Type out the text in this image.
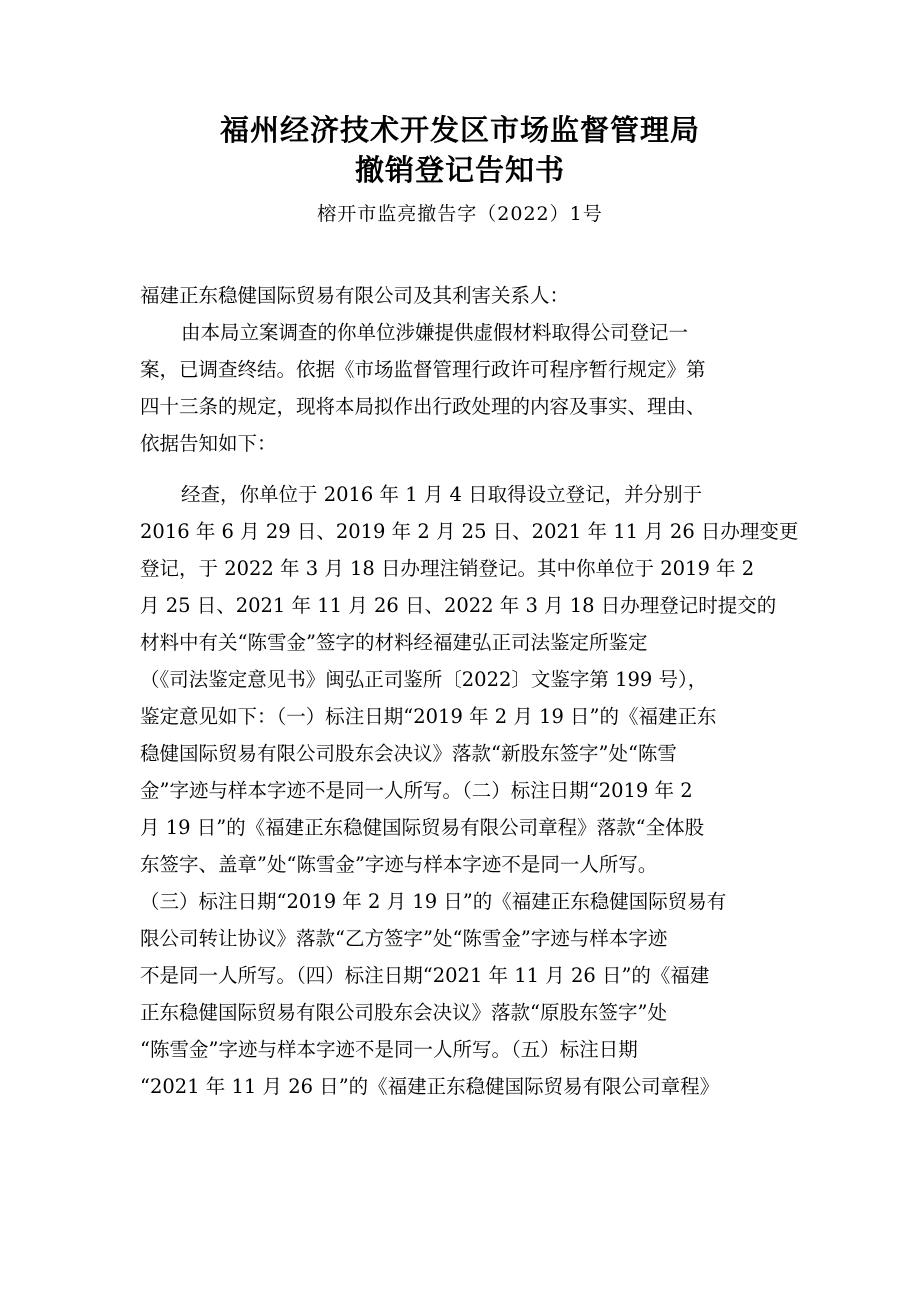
福州经济技术开发区市场监督管理局
撤销登记告知书
榕开市监亮撤告字（2022）1号
福建正东稳健国际贸易有限公司及其利害关系人：
由本局立案调查的你单位涉嫌提供虚假材料取得公司登记一
案，已调查终结。依据《市场监督管理行政许可程序暂行规定》第
四十三条的规定，现将本局拟作出行政处理的内容及事实、理由、
依据告知如下：
经查，你单位于 2016 年 1 月 4 日取得设立登记，并分别于
2016 年 6 月 29 日、2019 年 2 月 25 日、2021 年 11 月 26 日办理变更
登记，于 2022 年 3 月 18 日办理注销登记。其中你单位于 2019 年 2
月 25 日、2021 年 11 月 26 日、2022 年 3 月 18 日办理登记时提交的
材料中有关“陈雪金”签字的材料经福建弘正司法鉴定所鉴定
（《司法鉴定意见书》闽弘正司鉴所〔2022〕文鉴字第 199 号），
鉴定意见如下：（一）标注日期“2019 年 2 月 19 日”的《福建正东
稳健国际贸易有限公司股东会决议》落款“新股东签字”处“陈雪
金”字迹与样本字迹不是同一人所写。（二）标注日期“2019 年 2
月 19 日”的《福建正东稳健国际贸易有限公司章程》落款“全体股
东签字、盖章”处“陈雪金”字迹与样本字迹不是同一人所写。
（三）标注日期“2019 年 2 月 19 日”的《福建正东稳健国际贸易有
限公司转让协议》落款“乙方签字”处“陈雪金”字迹与样本字迹
不是同一人所写。（四）标注日期“2021 年 11 月 26 日”的《福建
正东稳健国际贸易有限公司股东会决议》落款“原股东签字”处
“陈雪金”字迹与样本字迹不是同一人所写。（五）标注日期
“2021 年 11 月 26 日”的《福建正东稳健国际贸易有限公司章程》
